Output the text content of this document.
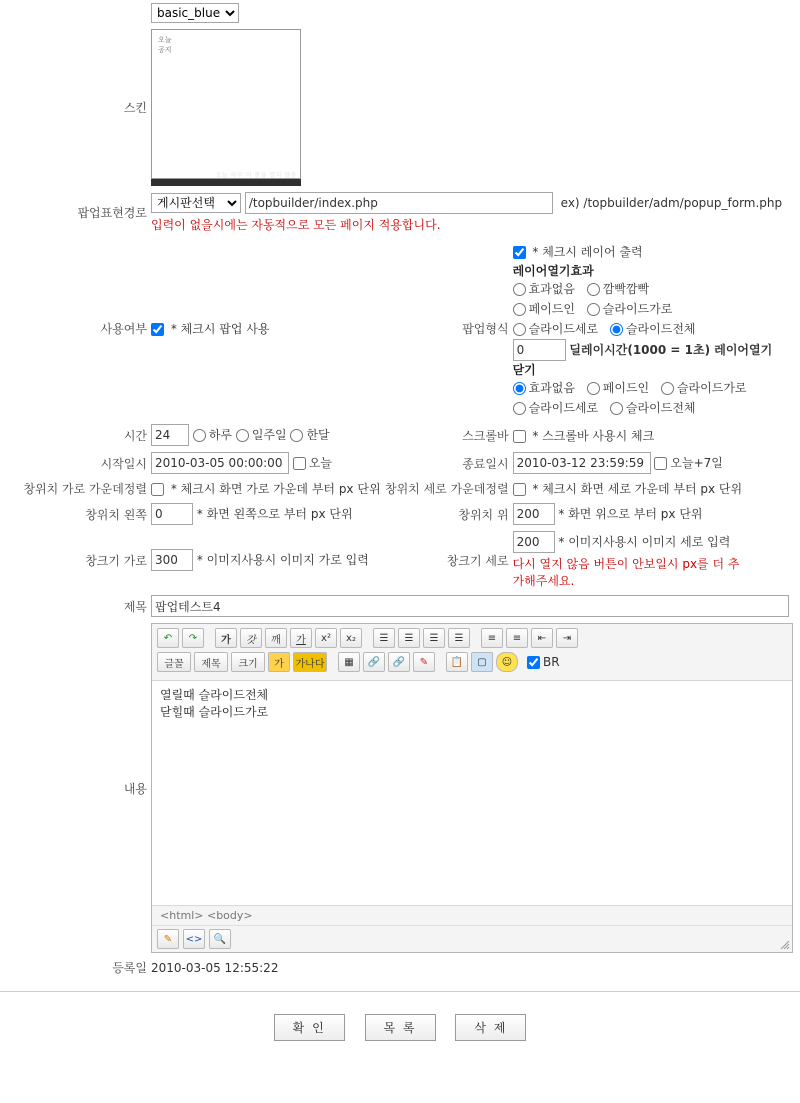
basic_blue
스킨	오늘
공지
오늘 하루 이 창을 열지 않음		

팝업표현경로	
게시판선택 /topbuilder/index.php ex) /topbuilder/adm/popup_form.php
입력이 없을시에는 자동적으로 모든 페이지 적용합니다.

사용여부	* 체크시 팝업 사용	팝업형식	
* 체크시 레이어 출력
레이어열기효과
효과없음 깜빡깜빡
페이드인 슬라이드가로
슬라이드세로 슬라이드전체
0 딜레이시간(1000 = 1초) 레이어열기
닫기
효과없음 페이드인 슬라이드가로
슬라이드세로 슬라이드전체

시간	24하루 일주일 한달	스크롤바	* 스크롤바 사용시 체크
시작일시	2010-03-05 00:00:00오늘	종료일시	2010-03-12 23:59:59오늘+7일
창위치 가로 가운데정렬	* 체크시 화면 가로 가운데 부터 px 단위	창위치 세로 가운데정렬	* 체크시 화면 세로 가운데 부터 px 단위
창위치 왼쪽	0* 화면 왼쪽으로 부터 px 단위	창위치 위	200* 화면 위으로 부터 px 단위
창크기 가로	300* 이미지사용시 이미지 가로 입력	창크기 세로	200 * 이미지사용시 이미지 세로 입력
다시 열지 않음 버튼이 안보일시 px를 더 추가해주세요.

제목	팝업테스트4
내용	
↶	↷	가	갓	깨	가	x²	x₂	☰	☰	☰	☰	≡	≡	⇤	⇥
글꼴	제목	크기	가	가나다	▦	🔗	🔗	✎	📋	▢	☺	BR
열릴때 슬라이드전체
닫힐때 슬라이드가로
<html> <body>
✎	<>	🔍

등록일	2010-03-05 12:55:22		
확 인	목 록	삭 제
